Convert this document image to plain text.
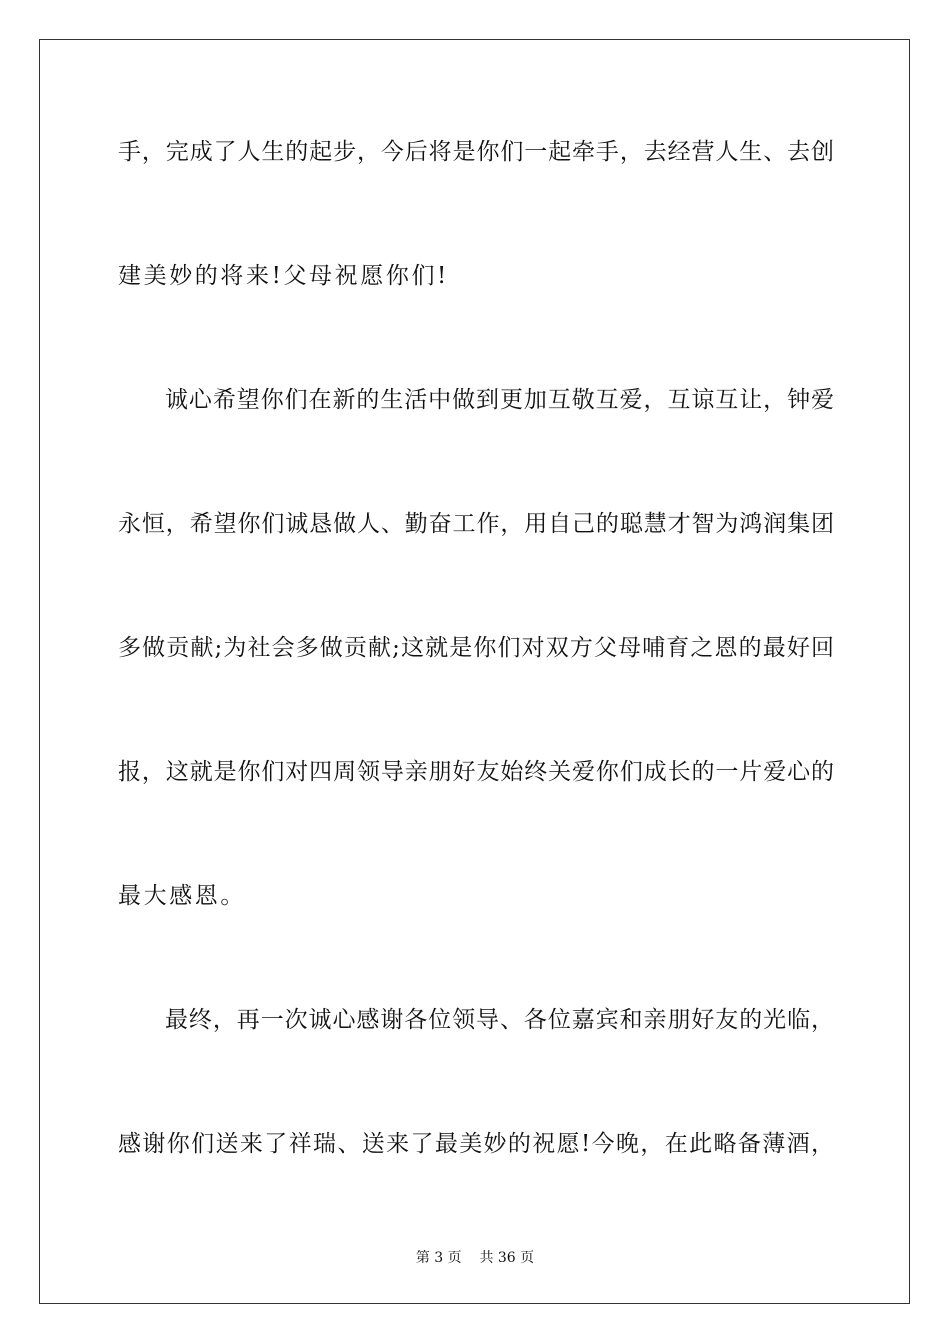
手，完成了人生的起步，今后将是你们一起牵手，去经营人生、去创
建美妙的将来!父母祝愿你们!
诚心希望你们在新的生活中做到更加互敬互爱，互谅互让，钟爱
永恒，希望你们诚恳做人、勤奋工作，用自己的聪慧才智为鸿润集团
多做贡献;为社会多做贡献;这就是你们对双方父母哺育之恩的最好回
报，这就是你们对四周领导亲朋好友始终关爱你们成长的一片爱心的
最大感恩。
最终，再一次诚心感谢各位领导、各位嘉宾和亲朋好友的光临，
感谢你们送来了祥瑞、送来了最美妙的祝愿!今晚，在此略备薄酒，
第 3 页 共 36 页
